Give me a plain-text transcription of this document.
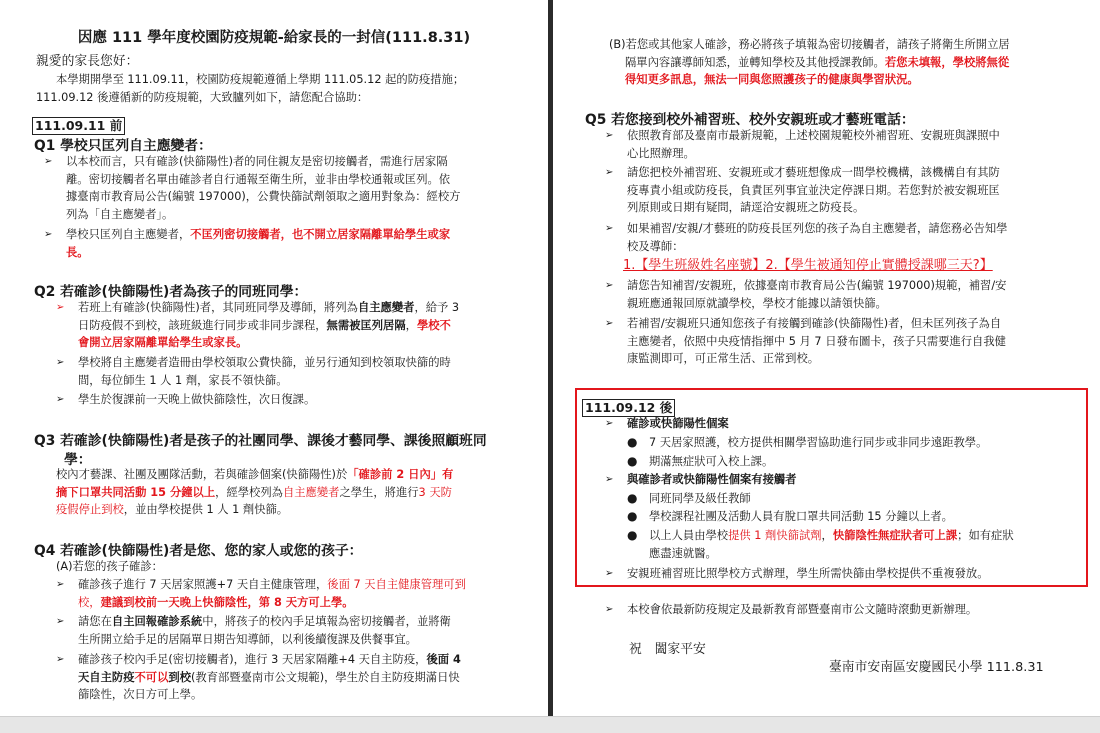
因應 111 學年度校園防疫規範-給家長的一封信(111.8.31)
親愛的家長您好：
本學期開學至 111.09.11，校園防疫規範遵循上學期 111.05.12 起的防疫措施；
111.09.12 後遵循新的防疫規範，大致臚列如下，請您配合協助：
111.09.11 前
Q1 學校只匡列自主應變者：
➢ 以本校而言，只有確診(快篩陽性)者的同住親友是密切接觸者，需進行居家隔
離。密切接觸者名單由確診者自行通報至衛生所，並非由學校通報或匡列。依
據臺南市教育局公告(編號 197000)，公費快篩試劑領取之適用對象為：經校方
列為「自主應變者」。
➢ 學校只匡列自主應變者，不匡列密切接觸者，也不開立居家隔離單給學生或家
長。
Q2 若確診(快篩陽性)者為孩子的同班同學：
➢ 若班上有確診(快篩陽性)者，其同班同學及導師，將列為自主應變者，給予 3
日防疫假不到校，該班級進行同步或非同步課程，無需被匡列居隔，學校不
會開立居家隔離單給學生或家長。
➢ 學校將自主應變者造冊由學校領取公費快篩，並另行通知到校領取快篩的時
間，每位師生 1 人 1 劑，家長不領快篩。
➢ 學生於復課前一天晚上做快篩陰性，次日復課。
Q3 若確診(快篩陽性)者是孩子的社團同學、課後才藝同學、課後照顧班同
學：
校內才藝課、社團及團隊活動，若與確診個案(快篩陽性)於「確診前 2 日內」有
摘下口罩共同活動 15 分鐘以上，經學校列為自主應變者之學生，將進行3 天防
疫假停止到校，並由學校提供 1 人 1 劑快篩。
Q4 若確診(快篩陽性)者是您、您的家人或您的孩子：
(A)若您的孩子確診：
➢ 確診孩子進行 7 天居家照護+7 天自主健康管理，後面 7 天自主健康管理可到
校，建議到校前一天晚上快篩陰性，第 8 天方可上學。
➢ 請您在自主回報確診系統中，將孩子的校內手足填報為密切接觸者，並將衛
生所開立給手足的居隔單日期告知導師，以利後續復課及供餐事宜。
➢ 確診孩子校內手足(密切接觸者)，進行 3 天居家隔離+4 天自主防疫，後面 4
天自主防疫不可以到校(教育部暨臺南市公文規範)，學生於自主防疫期滿日快
篩陰性，次日方可上學。
(B)若您或其他家人確診，務必將孩子填報為密切接觸者，請孩子將衛生所開立居
隔單內容讓導師知悉，並轉知學校及其他授課教師。若您未填報，學校將無從
得知更多訊息，無法一同與您照護孩子的健康與學習狀況。
Q5 若您接到校外補習班、校外安親班或才藝班電話：
➢ 依照教育部及臺南市最新規範，上述校園規範校外補習班、安親班與課照中
心比照辦理。
➢ 請您把校外補習班、安親班或才藝班想像成一間學校機構，該機構自有其防
疫專責小組或防疫長，負責匡列事宜並決定停課日期。若您對於被安親班匡
列原則或日期有疑問，請逕洽安親班之防疫長。
➢ 如果補習/安親/才藝班的防疫長匡列您的孩子為自主應變者，請您務必告知學
校及導師：
1.【學生班級姓名座號】2.【學生被通知停止實體授課哪三天?】
➢ 請您告知補習/安親班，依據臺南市教育局公告(編號 197000)規範，補習/安
親班應通報回原就讀學校，學校才能據以請領快篩。
➢ 若補習/安親班只通知您孩子有接觸到確診(快篩陽性)者，但未匡列孩子為自
主應變者，依照中央疫情指揮中 5 月 7 日發布圖卡，孩子只需要進行自我健
康監測即可，可正常生活、正常到校。
111.09.12 後
➢ 確診或快篩陽性個案
● 7 天居家照護，校方提供相關學習協助進行同步或非同步遠距教學。
● 期滿無症狀可入校上課。
➢ 與確診者或快篩陽性個案有接觸者
● 同班同學及級任教師
● 學校課程社團及活動人員有脫口罩共同活動 15 分鐘以上者。
● 以上人員由學校提供 1 劑快篩試劑，快篩陰性無症狀者可上課；如有症狀
應盡速就醫。
➢ 安親班補習班比照學校方式辦理，學生所需快篩由學校提供不重複發放。
➢ 本校會依最新防疫規定及最新教育部暨臺南市公文隨時滾動更新辦理。
祝　闔家平安
臺南市安南區安慶國民小學 111.8.31
